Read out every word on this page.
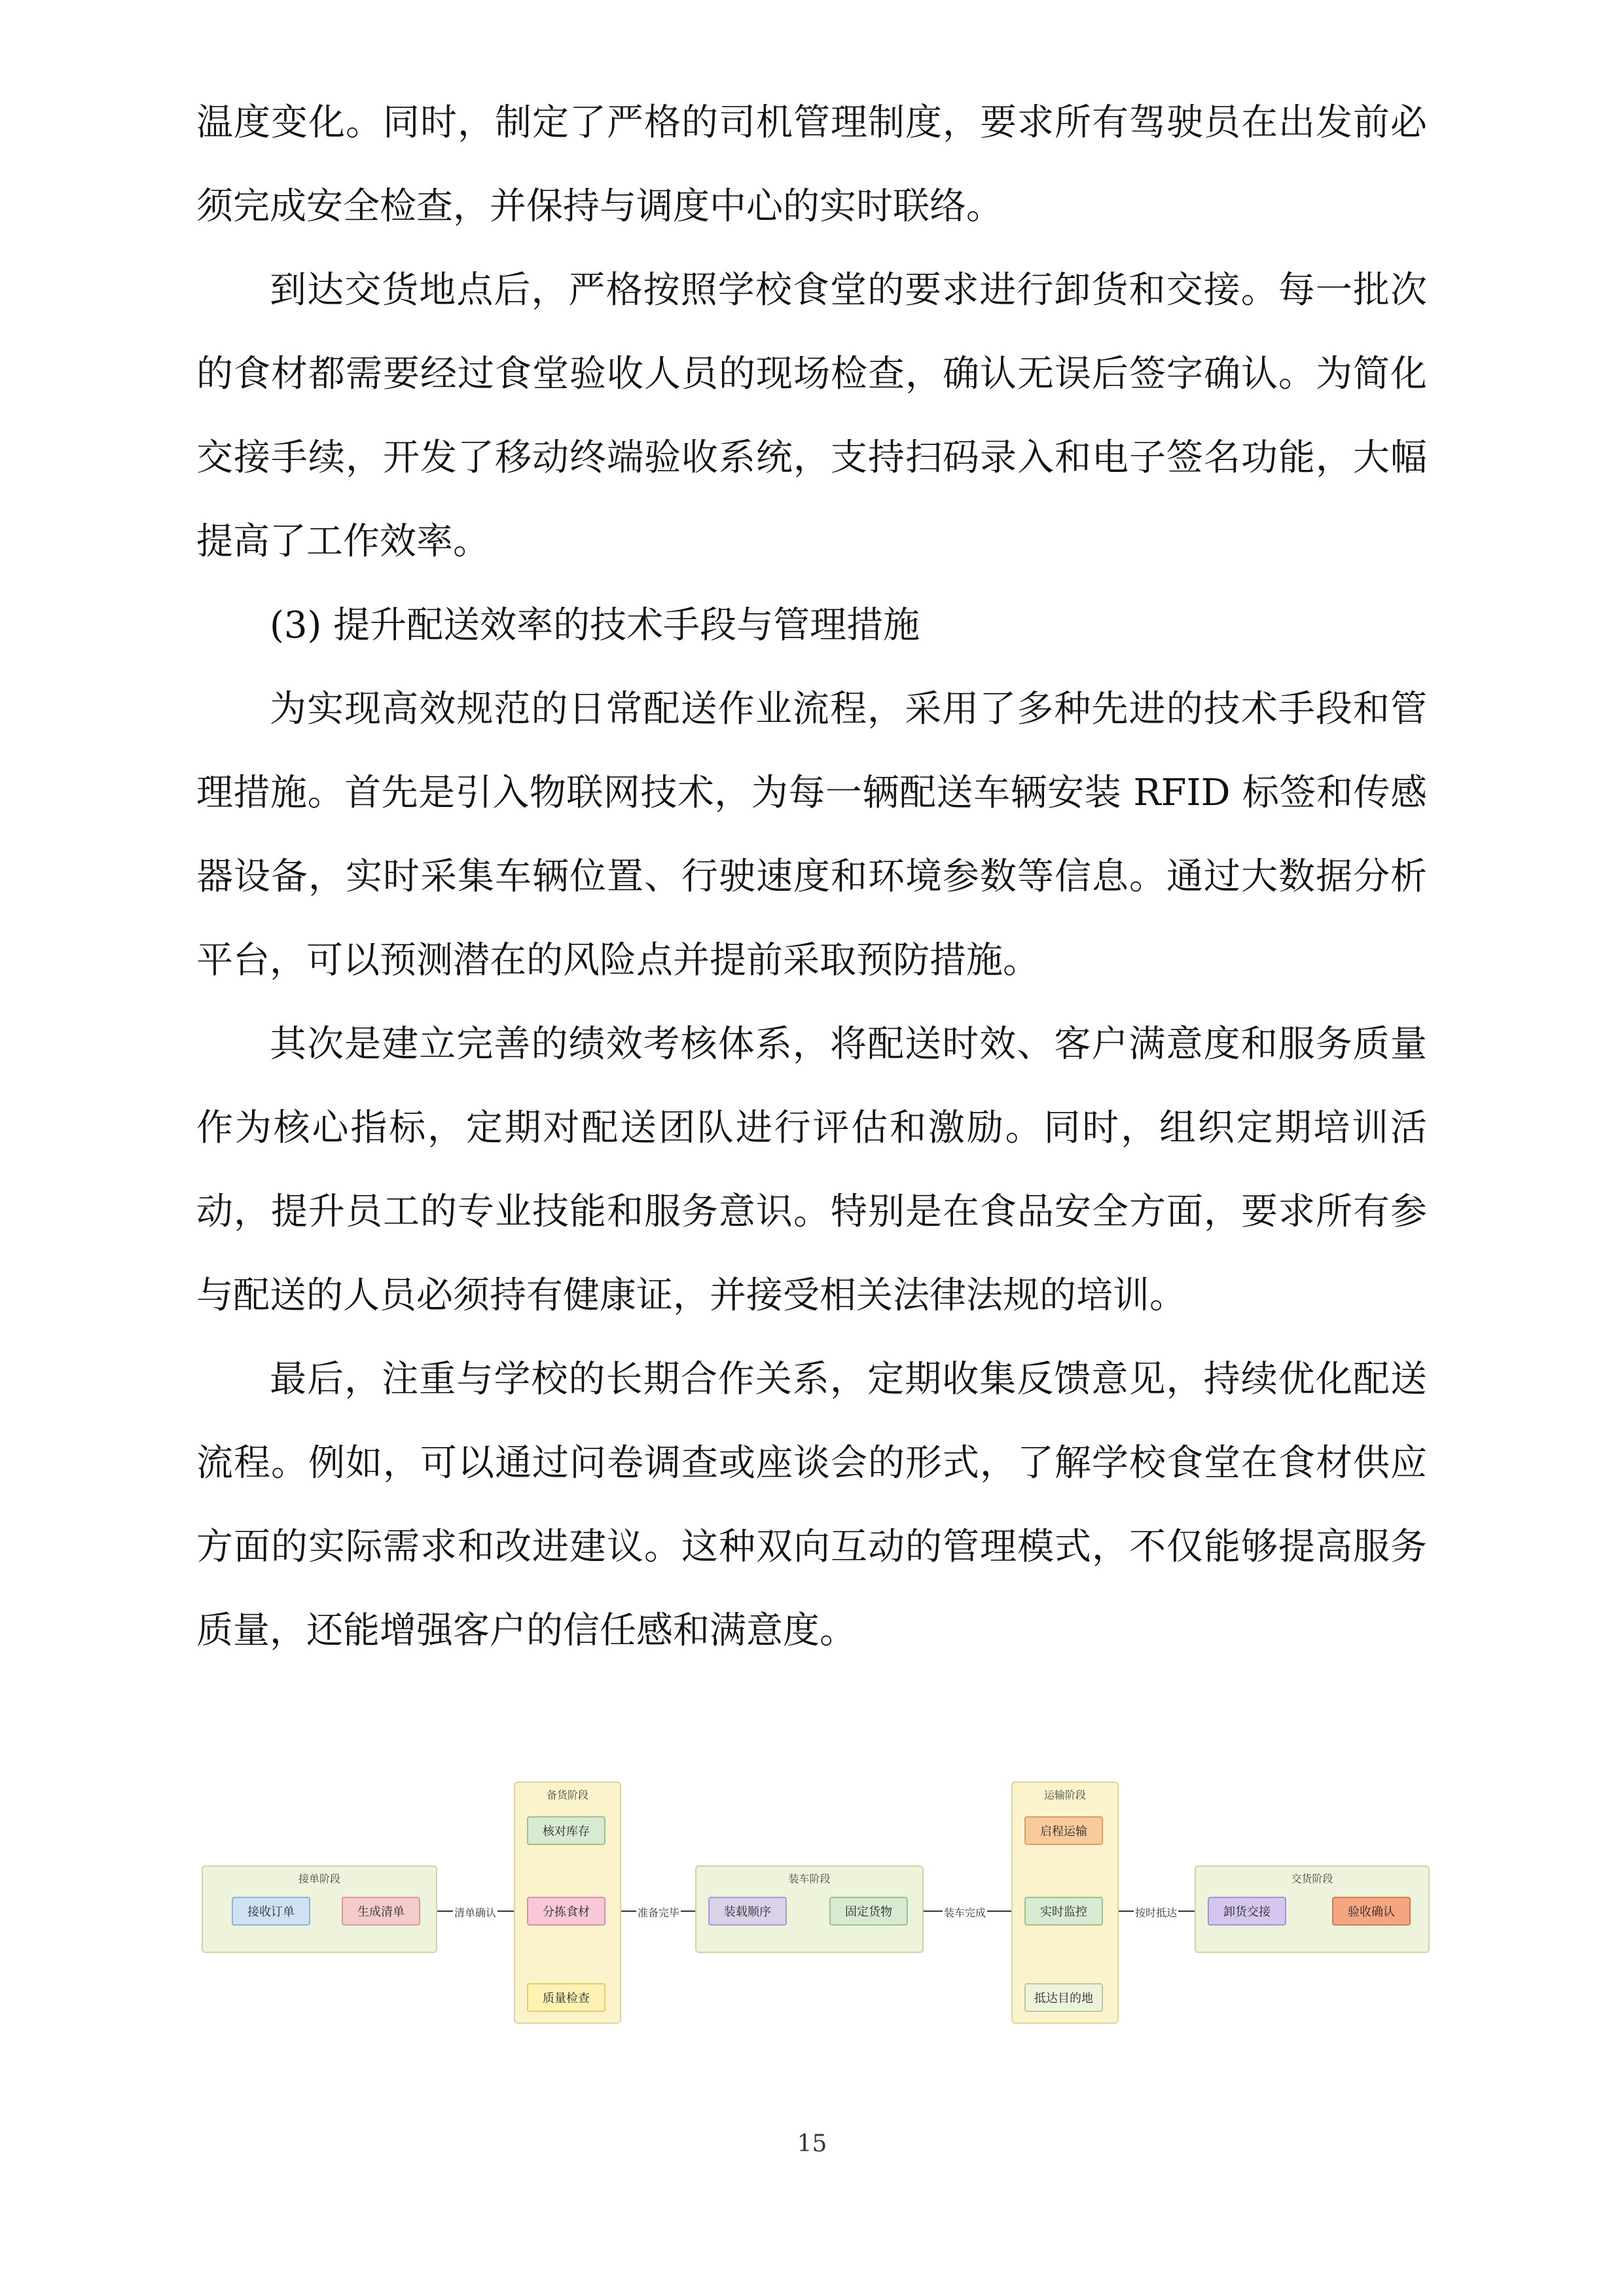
温度变化。同时，制定了严格的司机管理制度，要求所有驾驶员在出发前必须完成安全检查，并保持与调度中心的实时联络。

到达交货地点后，严格按照学校食堂的要求进行卸货和交接。每一批次的食材都需要经过食堂验收人员的现场检查，确认无误后签字确认。为简化交接手续，开发了移动终端验收系统，支持扫码录入和电子签名功能，大幅提高了工作效率。

(3) 提升配送效率的技术手段与管理措施

为实现高效规范的日常配送作业流程，采用了多种先进的技术手段和管理措施。首先是引入物联网技术，为每一辆配送车辆安装 RFID 标签和传感器设备，实时采集车辆位置、行驶速度和环境参数等信息。通过大数据分析平台，可以预测潜在的风险点并提前采取预防措施。

其次是建立完善的绩效考核体系，将配送时效、客户满意度和服务质量作为核心指标，定期对配送团队进行评估和激励。同时，组织定期培训活动，提升员工的专业技能和服务意识。特别是在食品安全方面，要求所有参与配送的人员必须持有健康证，并接受相关法律法规的培训。

最后，注重与学校的长期合作关系，定期收集反馈意见，持续优化配送流程。例如，可以通过问卷调查或座谈会的形式，了解学校食堂在食材供应方面的实际需求和改进建议。这种双向互动的管理模式，不仅能够提高服务质量，还能增强客户的信任感和满意度。

接单阶段
备货阶段
装车阶段
运输阶段
交货阶段
接收订单	生成清单
核对库存
分拣食材
质量检查
装载顺序	固定货物
启程运输
实时监控
抵达目的地
卸货交接	验收确认
清单确认	准备完毕	装车完成	按时抵达
15
